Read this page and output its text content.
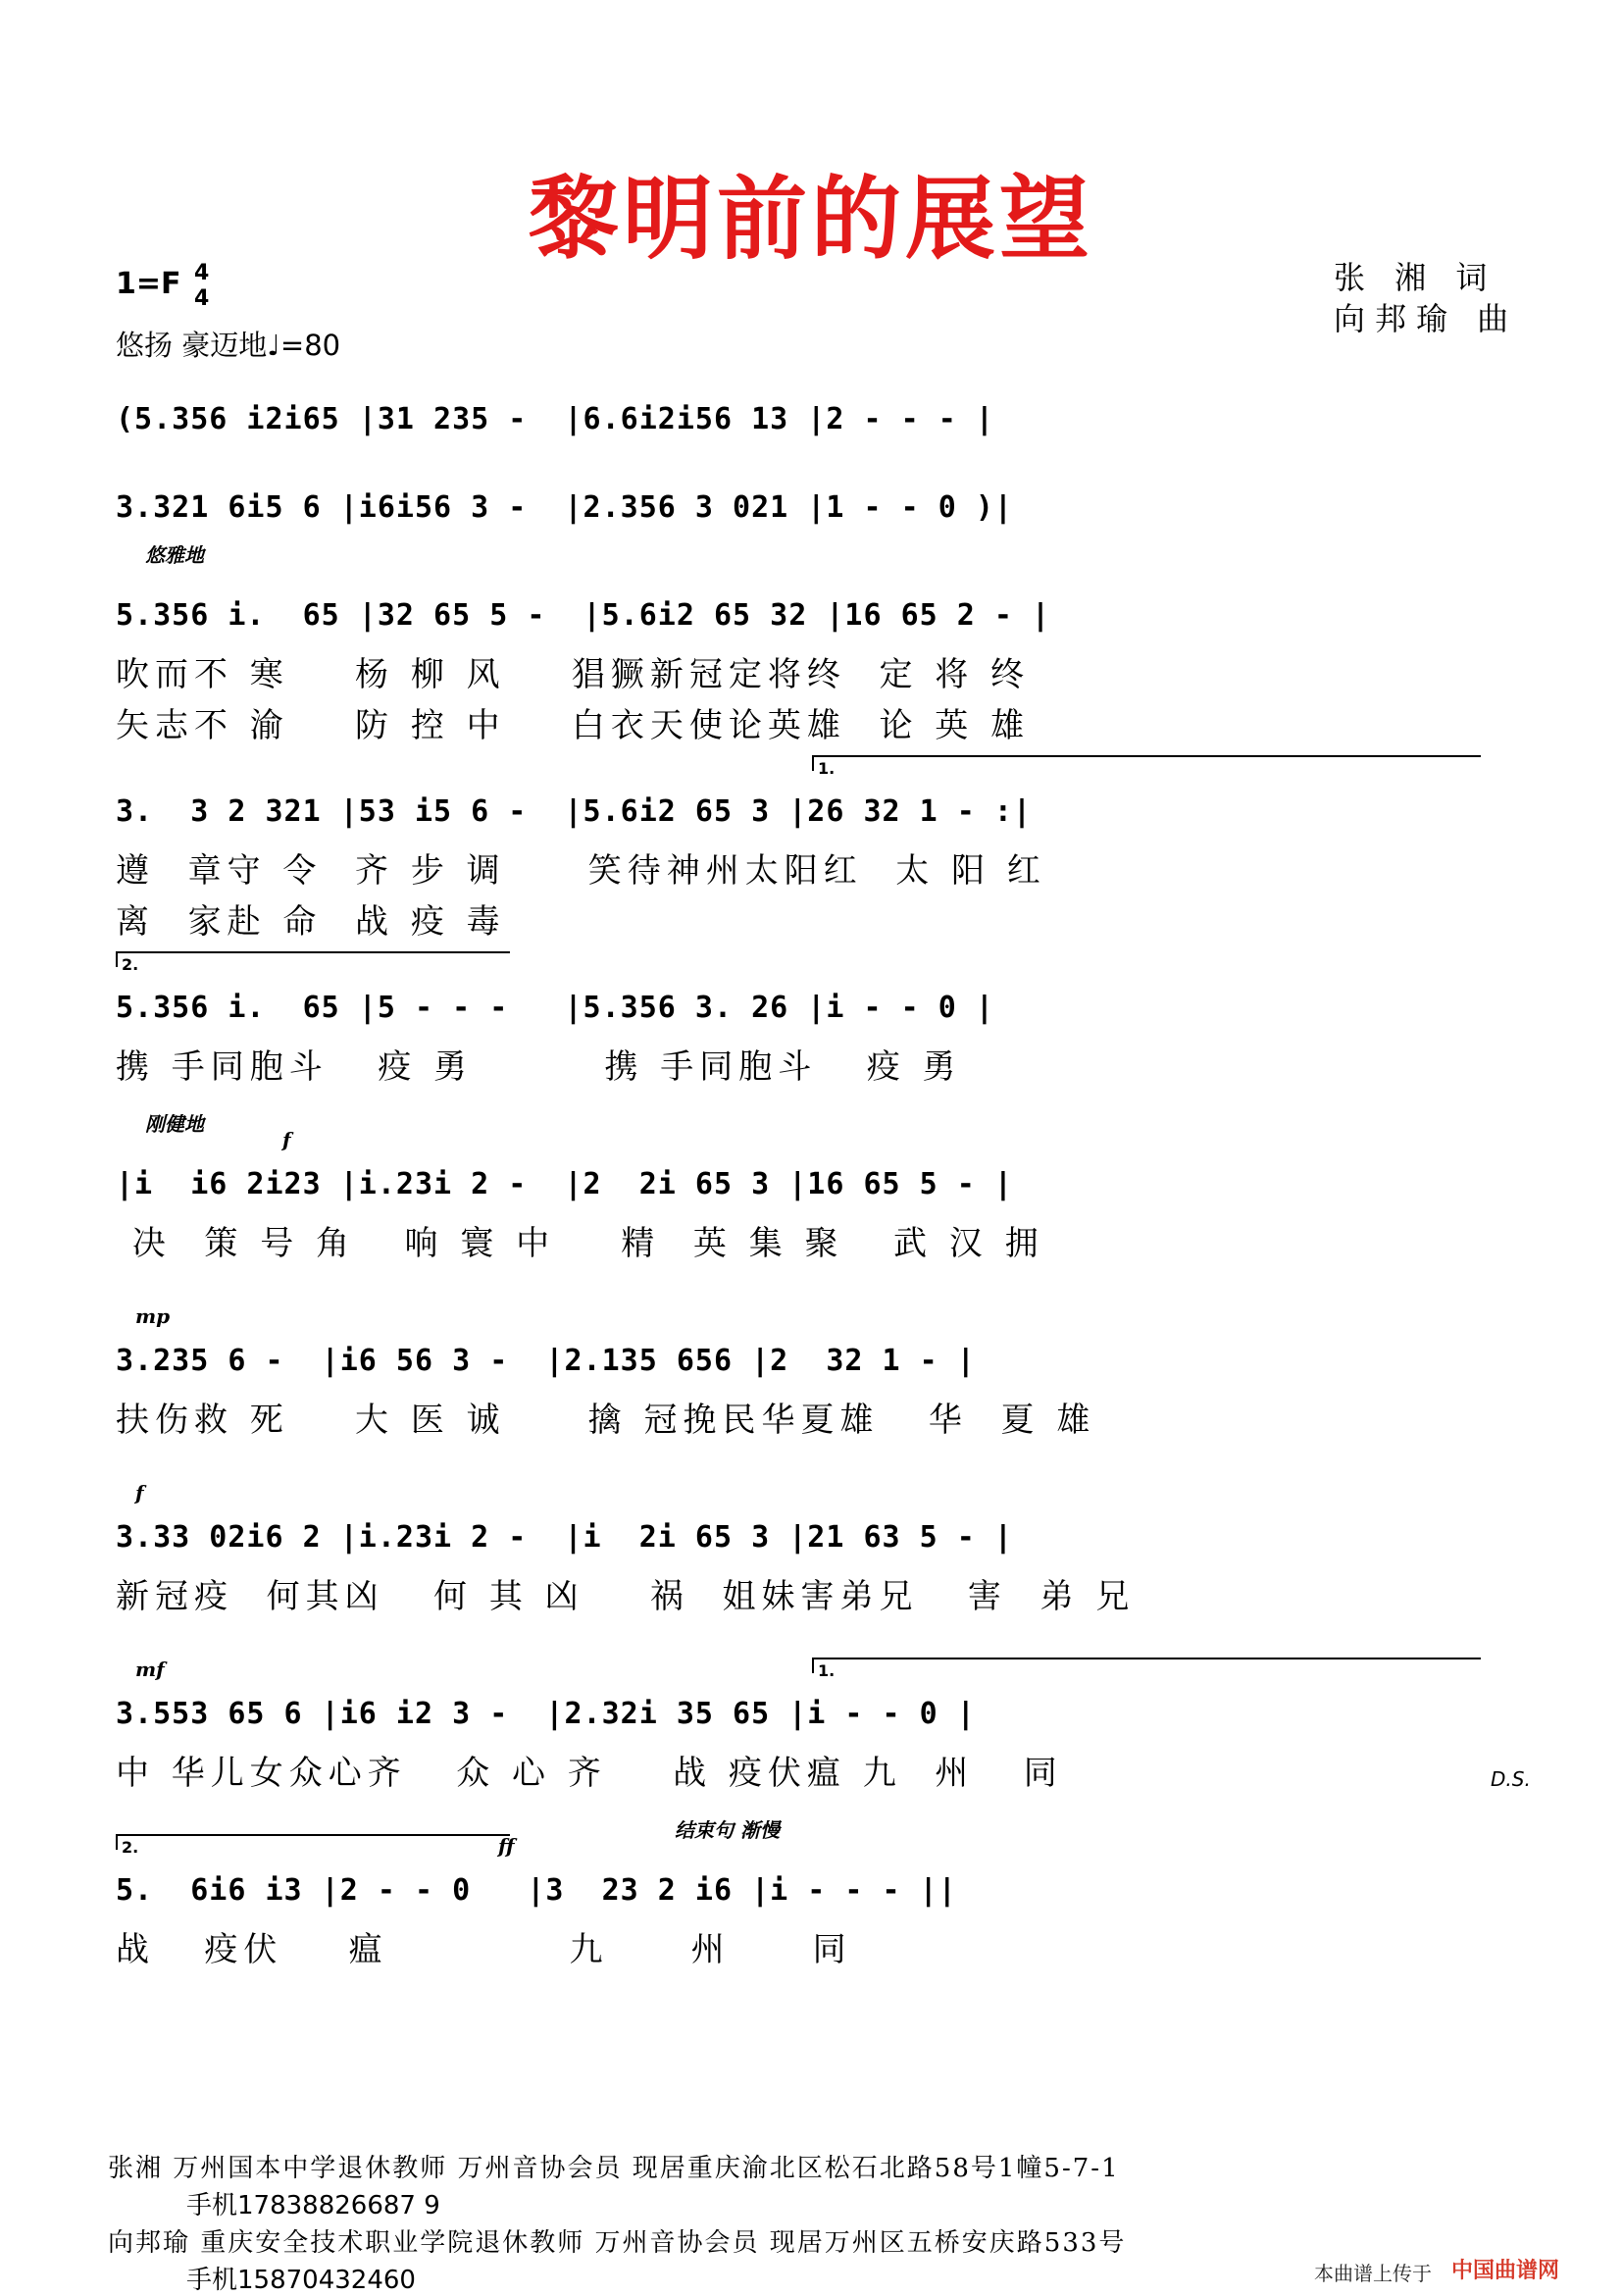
黎明前的展望
1=F 4
4
悠扬 豪迈地♩=80
张 湘 词
向邦瑜 曲
(5.356 i2i65 |31 235 -  |6.6i2i56 13 |2 - - - |
3.321 6i5 6 |i6i56 3 -  |2.356 3 021 |1 - - 0 )|
悠雅地
5.356 i.  65 |32 65 5 -  |5.6i2 65 32 |16 65 2 - |
吹而不 寒    杨 柳 风    猖獗新冠定将终  定 将 终
矢志不 渝    防 控 中    白衣天使论英雄  论 英 雄
1.
3.  3 2 321 |53 i5 6 -  |5.6i2 65 3 |26 32 1 - :|
遵  章守 令  齐 步 调     笑待神州太阳红  太 阳 红
离  家赴 命  战 疫 毒
2.
5.356 i.  65 |5 - - -   |5.356 3. 26 |i - - 0 |
携 手同胞斗   疫 勇        携 手同胞斗   疫 勇
刚健地
f
|i  i6 2i23 |i.23i 2 -  |2  2i 65 3 |16 65 5 - |
决  策 号 角   响 寰 中    精  英 集 聚   武 汉 拥
mp
3.235 6 -  |i6 56 3 -  |2.135 656 |2  32 1 - |
扶伤救 死    大 医 诚     擒 冠挽民华夏雄   华  夏 雄
f
3.33 02i6 2 |i.23i 2 -  |i  2i 65 3 |21 63 5 - |
新冠疫  何其凶   何 其 凶    祸  姐妹害弟兄   害  弟 兄
1.
mf
3.553 65 6 |i6 i2 3 -  |2.32i 35 65 |i - - 0 |
中 华儿女众心齐   众 心 齐    战 疫伏瘟 九  州   同
2.
结束句 渐慢
ff
5.  6i6 i3 |2 - - 0   |3  23 2 i6 |i - - - ||
战   疫伏    瘟           九     州     同
D.S.
张湘 万州国本中学退休教师 万州音协会员 现居重庆渝北区松石北路58号1幢5-7-1
手机17838826687 9
向邦瑜 重庆安全技术职业学院退休教师 万州音协会员 现居万州区五桥安庆路533号
手机15870432460	本曲谱上传于 中国曲谱网
